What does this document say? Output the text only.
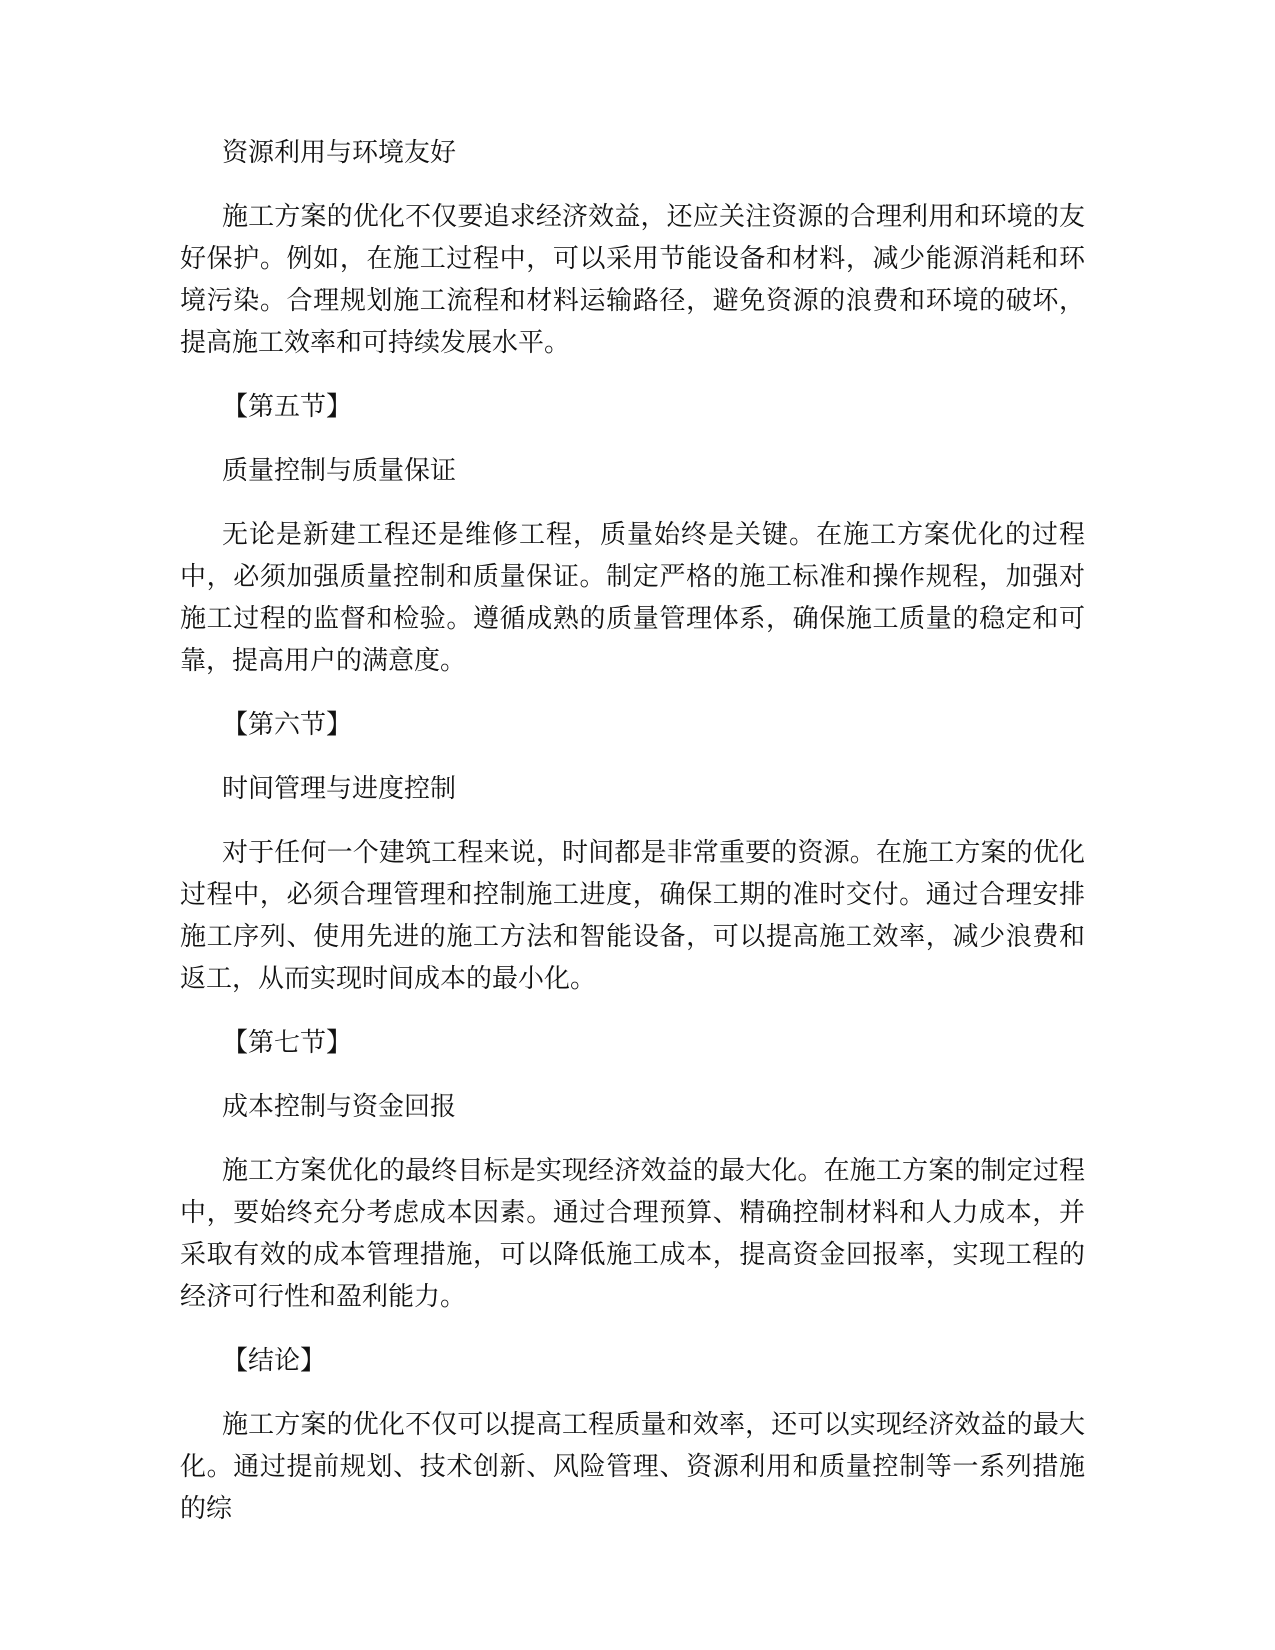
资源利用与环境友好

施工方案的优化不仅要追求经济效益，还应关注资源的合理利用和环境的友好保护。例如，在施工过程中，可以采用节能设备和材料，减少能源消耗和环境污染。合理规划施工流程和材料运输路径，避免资源的浪费和环境的破坏，提高施工效率和可持续发展水平。

【第五节】

质量控制与质量保证

无论是新建工程还是维修工程，质量始终是关键。在施工方案优化的过程中，必须加强质量控制和质量保证。制定严格的施工标准和操作规程，加强对施工过程的监督和检验。遵循成熟的质量管理体系，确保施工质量的稳定和可靠，提高用户的满意度。

【第六节】

时间管理与进度控制

对于任何一个建筑工程来说，时间都是非常重要的资源。在施工方案的优化过程中，必须合理管理和控制施工进度，确保工期的准时交付。通过合理安排施工序列、使用先进的施工方法和智能设备，可以提高施工效率，减少浪费和返工，从而实现时间成本的最小化。

【第七节】

成本控制与资金回报

施工方案优化的最终目标是实现经济效益的最大化。在施工方案的制定过程中，要始终充分考虑成本因素。通过合理预算、精确控制材料和人力成本，并采取有效的成本管理措施，可以降低施工成本，提高资金回报率，实现工程的经济可行性和盈利能力。

【结论】

施工方案的优化不仅可以提高工程质量和效率，还可以实现经济效益的最大化。通过提前规划、技术创新、风险管理、资源利用和质量控制等一系列措施的综
